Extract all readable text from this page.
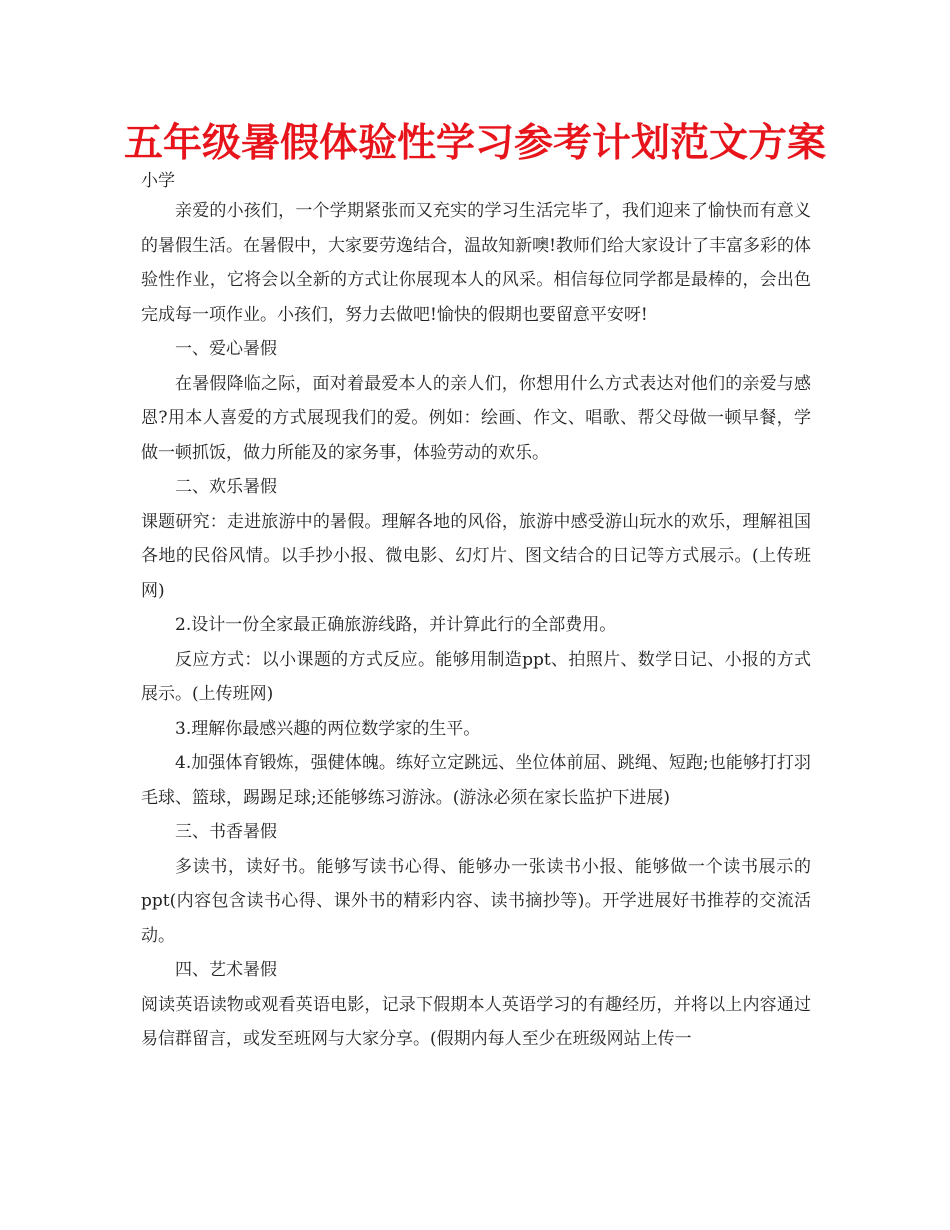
五年级暑假体验性学习参考计划范文方案

小学

亲爱的小孩们，一个学期紧张而又充实的学习生活完毕了，我们迎来了愉快而有意义的暑假生活。在暑假中，大家要劳逸结合，温故知新噢!教师们给大家设计了丰富多彩的体验性作业，它将会以全新的方式让你展现本人的风采。相信每位同学都是最棒的，会出色完成每一项作业。小孩们，努力去做吧!愉快的假期也要留意平安呀!

一、爱心暑假

在暑假降临之际，面对着最爱本人的亲人们，你想用什么方式表达对他们的亲爱与感恩?用本人喜爱的方式展现我们的爱。例如：绘画、作文、唱歌、帮父母做一顿早餐，学做一顿抓饭，做力所能及的家务事，体验劳动的欢乐。

二、欢乐暑假

课题研究：走进旅游中的暑假。理解各地的风俗，旅游中感受游山玩水的欢乐，理解祖国各地的民俗风情。以手抄小报、微电影、幻灯片、图文结合的日记等方式展示。(上传班网)

2.设计一份全家最正确旅游线路，并计算此行的全部费用。

反应方式：以小课题的方式反应。能够用制造ppt、拍照片、数学日记、小报的方式展示。(上传班网)

3.理解你最感兴趣的两位数学家的生平。

4.加强体育锻炼，强健体魄。练好立定跳远、坐位体前屈、跳绳、短跑;也能够打打羽毛球、篮球，踢踢足球;还能够练习游泳。(游泳必须在家长监护下进展)

三、书香暑假

多读书，读好书。能够写读书心得、能够办一张读书小报、能够做一个读书展示的ppt(内容包含读书心得、课外书的精彩内容、读书摘抄等)。开学进展好书推荐的交流活动。

四、艺术暑假

阅读英语读物或观看英语电影，记录下假期本人英语学习的有趣经历，并将以上内容通过易信群留言，或发至班网与大家分享。(假期内每人至少在班级网站上传一
